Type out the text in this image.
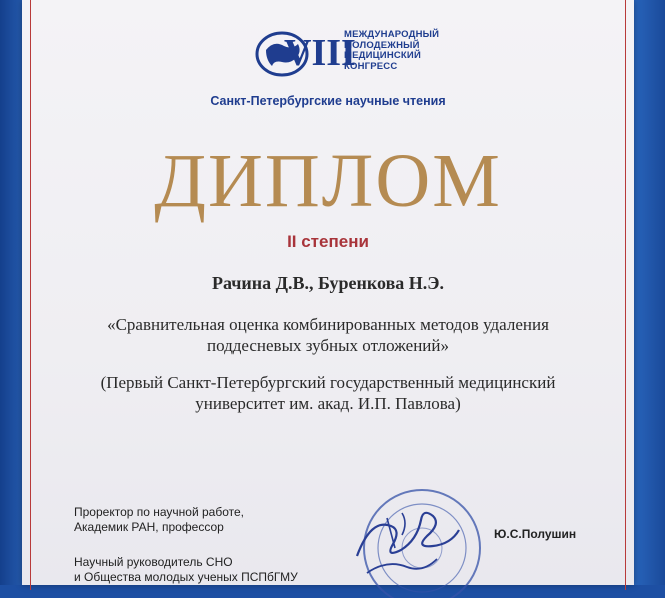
VIII
МЕЖДУНАРОДНЫЙ
МОЛОДЕЖНЫЙ
МЕДИЦИНСКИЙ
КОНГРЕСС
Санкт-Петербургские научные чтения
ДИПЛОМ
II степени
Рачина Д.В., Буренкова Н.Э.
«Сравнительная оценка комбинированных методов удаления
поддесневых зубных отложений»
(Первый Санкт-Петербургский государственный медицинский
университет им. акад. И.П. Павлова)
Проректор по научной работе,
Академик РАН, профессор	Ю.С.Полушин
Научный руководитель СНО
и Общества молодых ученых ПСПбГМУ
